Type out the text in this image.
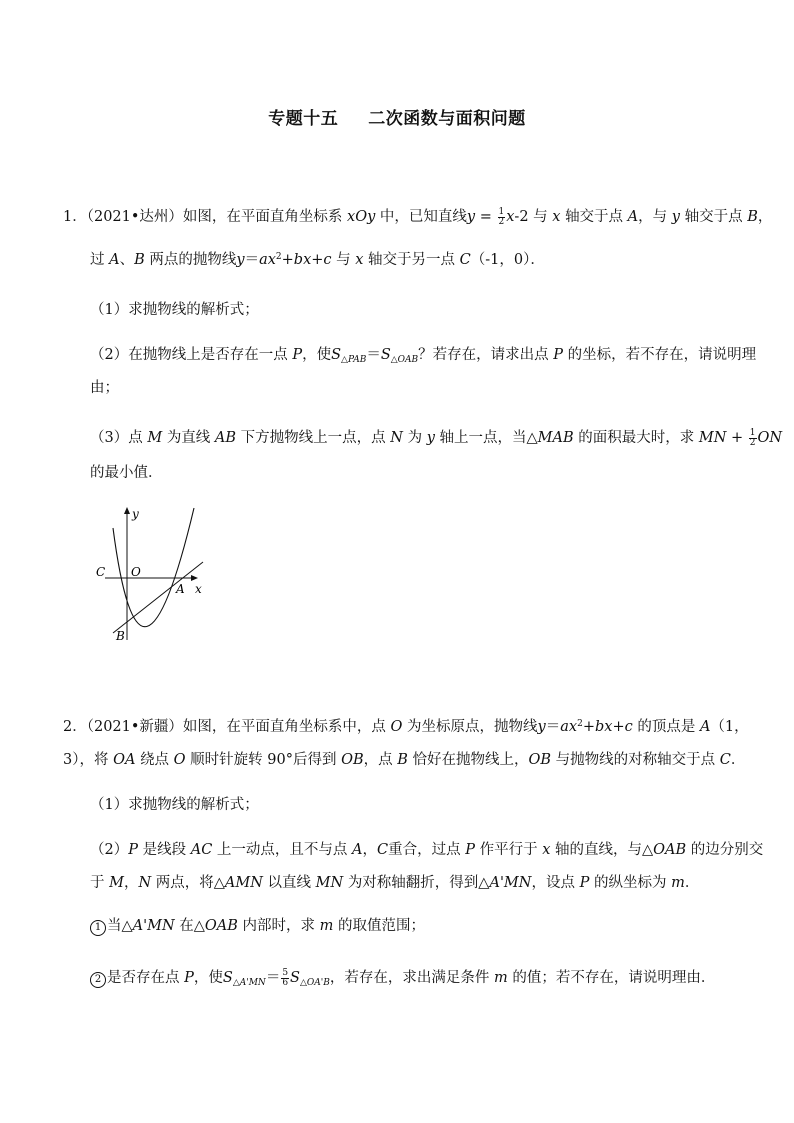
专题十五 二次函数与面积问题
1．（2021•达州）如图，在平面直角坐标系 xOy 中，已知直线$y = \frac{1}{2} x-2$ 与 x 轴交于点 A，与 y 轴交于点 B，
过 A、B 两点的抛物线$y=ax^2+bx+c$ 与 x 轴交于另一点 C（-1，0）．
（1）求抛物线的解析式；
（2）在抛物线上是否存在一点 P，使$S_{\triangle PAB}=S_{\triangle OAB}$？若存在，请求出点 P 的坐标，若不存在，请说明理
由；
（3）点 M 为直线 AB 下方抛物线上一点，点 N 为 y 轴上一点，当△MAB 的面积最大时，求 MN + $\frac{1}{2}$ ON
的最小值．
y
x
C O
A
B
2．（2021•新疆）如图，在平面直角坐标系中，点 O 为坐标原点，抛物线$y=ax^2+bx+c$ 的顶点是 A（1，
3），将 OA 绕点 O 顺时针旋转 90°后得到 OB，点 B 恰好在抛物线上，OB 与抛物线的对称轴交于点 C．
（1）求抛物线的解析式；
（2）P 是线段 AC 上一动点，且不与点 A，C重合，过点 P 作平行于 x 轴的直线，与△OAB 的边分别交
于 M，N 两点，将△AMN 以直线 MN 为对称轴翻折，得到△A'MN，设点 P 的纵坐标为 m．
1 当△A'MN 在△OAB 内部时，求 m 的取值范围；
2 是否存在点 P，使$S_{\triangle A'MN}= \frac{5}{6} S_{\triangle OA'B}$，若存在，求出满足条件 m 的值；若不存在，请说明理由．
